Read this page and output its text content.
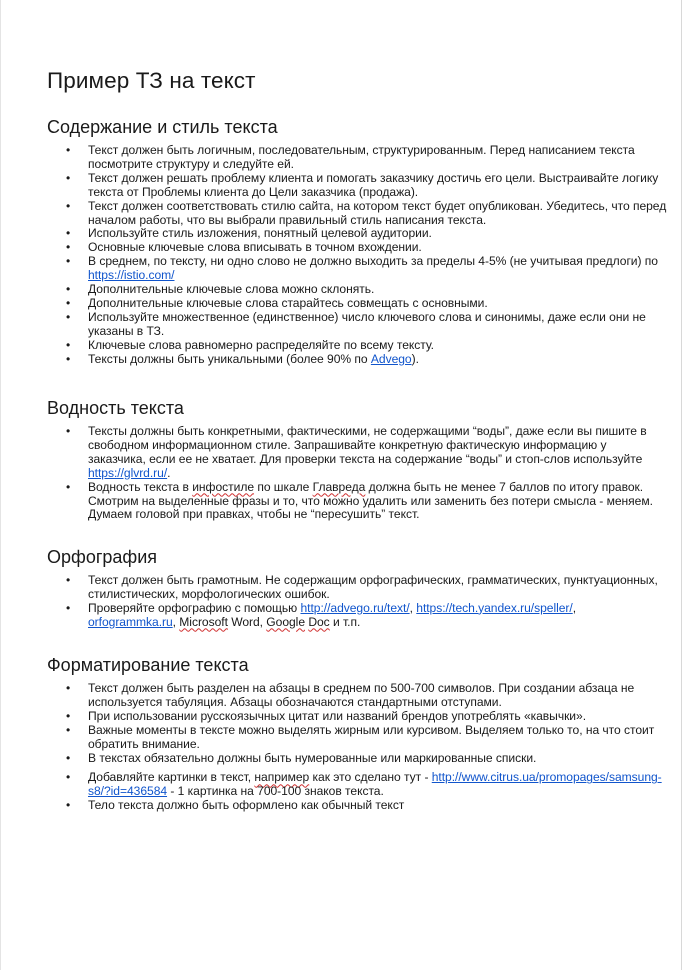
Пример ТЗ на текст
Содержание и стиль текста
• Текст должен быть логичным, последовательным, структурированным. Перед написанием текста посмотрите структуру и следуйте ей.
• Текст должен решать проблему клиента и помогать заказчику достичь его цели. Выстраивайте логику текста от Проблемы клиента до Цели заказчика (продажа).
• Текст должен соответствовать стилю сайта, на котором текст будет опубликован. Убедитесь, что перед началом работы, что вы выбрали правильный стиль написания текста.
• Используйте стиль изложения, понятный целевой аудитории.
• Основные ключевые слова вписывать в точном вхождении.
• В среднем, по тексту, ни одно слово не должно выходить за пределы 4-5% (не учитывая предлоги) по https://istio.com/
• Дополнительные ключевые слова можно склонять.
• Дополнительные ключевые слова старайтесь совмещать с основными.
• Используйте множественное (единственное) число ключевого слова и синонимы, даже если они не указаны в ТЗ.
• Ключевые слова равномерно распределяйте по всему тексту.
• Тексты должны быть уникальными (более 90% по Advego).
Водность текста
• Тексты должны быть конкретными, фактическими, не содержащими “воды”, даже если вы пишите в свободном информационном стиле. Запрашивайте конкретную фактическую информацию у заказчика, если ее не хватает. Для проверки текста на содержание “воды” и стоп-слов используйте https://glvrd.ru/.
• Водность текста в инфостиле по шкале Главреда должна быть не менее 7 баллов по итогу правок. Смотрим на выделенные фразы и то, что можно удалить или заменить без потери смысла - меняем. Думаем головой при правках, чтобы не “пересушить” текст.
Орфография
• Текст должен быть грамотным. Не содержащим орфографических, грамматических, пунктуационных, стилистических, морфологических ошибок.
• Проверяйте орфографию с помощью http://advego.ru/text/, https://tech.yandex.ru/speller/, orfogrammka.ru, Microsoft Word, Google Doc и т.п.
Форматирование текста
• Текст должен быть разделен на абзацы в среднем по 500-700 символов. При создании абзаца не используется табуляция. Абзацы обозначаются стандартными отступами.
• При использовании русскоязычных цитат или названий брендов употреблять «кавычки».
• Важные моменты в тексте можно выделять жирным или курсивом. Выделяем только то, на что стоит обратить внимание.
• В текстах обязательно должны быть нумерованные или маркированные списки.
• Добавляйте картинки в текст, например как это сделано тут - http://www.citrus.ua/promopages/samsung-s8/?id=436584 - 1 картинка на 700-100 знаков текста.
• Тело текста должно быть оформлено как обычный текст
